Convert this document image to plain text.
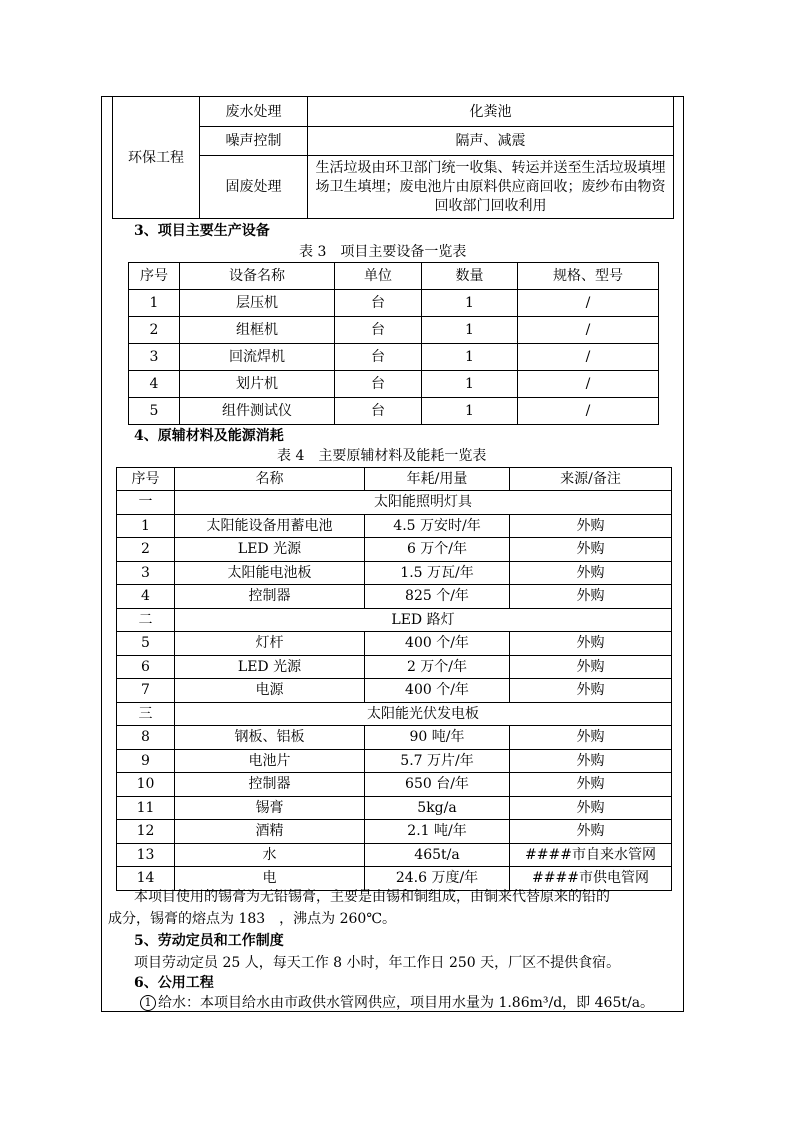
环保工程	废水处理	化粪池
	噪声控制	隔声、减震
	固废处理	生活垃圾由环卫部门统一收集、转运并送至生活垃圾填埋场卫生填埋；废电池片由原料供应商回收；废纱布由物资回收部门回收利用
3、项目主要生产设备
表 3　项目主要设备一览表
序号	设备名称	单位	数量	规格、型号
1	层压机	台	1	/
2	组框机	台	1	/
3	回流焊机	台	1	/
4	划片机	台	1	/
5	组件测试仪	台	1	/
4、原辅材料及能源消耗
表 4　主要原辅材料及能耗一览表
序号	名称	年耗/用量	来源/备注
一	太阳能照明灯具		
1	太阳能设备用蓄电池	4.5 万安时/年	外购
2	LED 光源	6 万个/年	外购
3	太阳能电池板	1.5 万瓦/年	外购
4	控制器	825 个/年	外购
二	LED 路灯		
5	灯杆	400 个/年	外购
6	LED 光源	2 万个/年	外购
7	电源	400 个/年	外购
三	太阳能光伏发电板		
8	钢板、铝板	90 吨/年	外购
9	电池片	5.7 万片/年	外购
10	控制器	650 台/年	外购
11	锡膏	5kg/a	外购
12	酒精	2.1 吨/年	外购
13	水	465t/a	####市自来水管网
14	电	24.6 万度/年	####市供电管网
本项目使用的锡膏为无铅锡膏，主要是由锡和铜组成，由铜来代替原来的铅的
成分，锡膏的熔点为 183　，沸点为 260℃。
5、劳动定员和工作制度
项目劳动定员 25 人，每天工作 8 小时，年工作日 250 天，厂区不提供食宿。
6、公用工程
1 给水：本项目给水由市政供水管网供应，项目用水量为 1.86m³/d，即 465t/a。
